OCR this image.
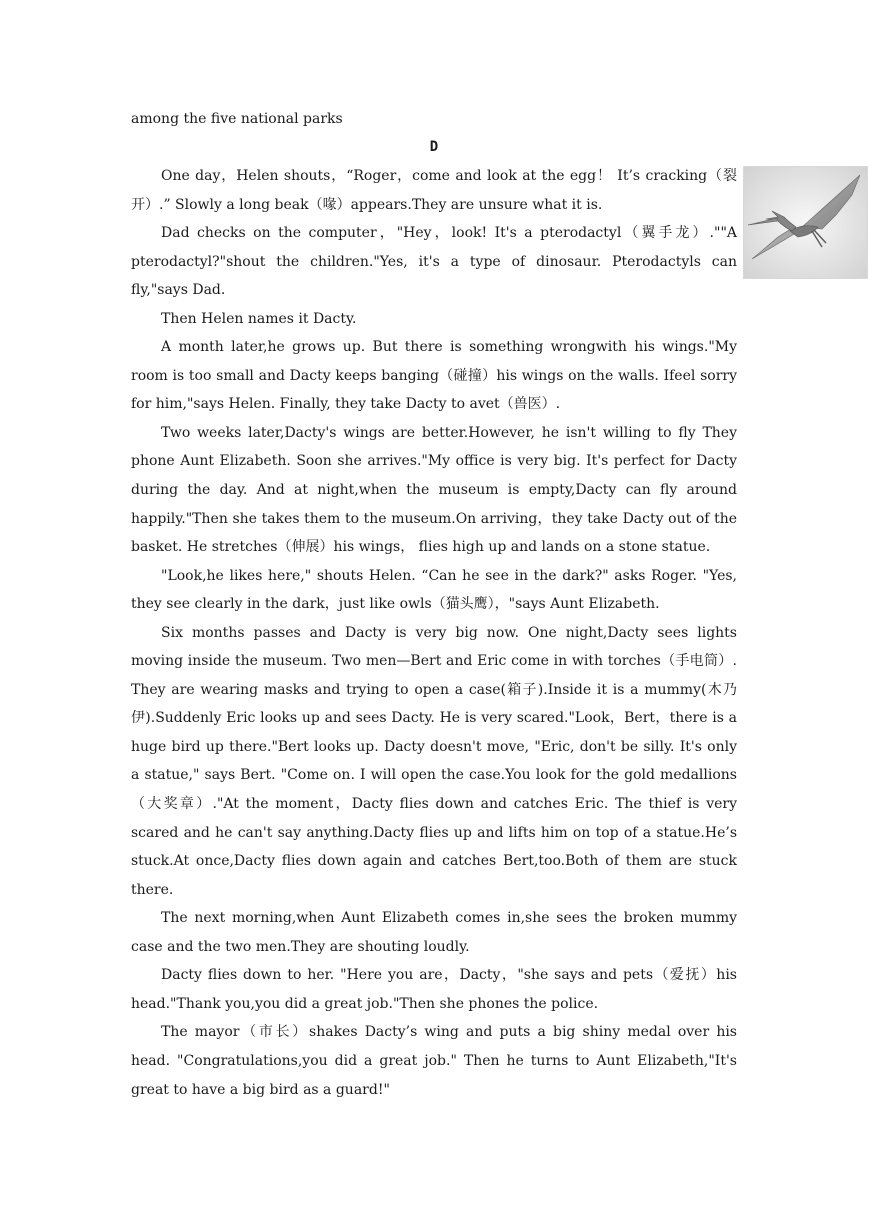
among the five national parks
D

One day，Helen shouts，“Roger，come and look at the egg！ It’s cracking（裂开）.” Slowly a long beak（喙）appears.They are unsure what it is.

Dad checks on the computer，"Hey，look! It's a pterodactyl（翼手龙）.""A pterodactyl?"shout the children."Yes, it's a type of dinosaur. Pterodactyls can fly,"says Dad.

Then Helen names it Dacty.

A month later,he grows up. But there is something wrongwith his wings."My room is too small and Dacty keeps banging（碰撞）his wings on the walls. Ifeel sorry for him,"says Helen. Finally, they take Dacty to avet（兽医）.

Two weeks later,Dacty's wings are better.However, he isn't willing to fly They phone Aunt Elizabeth. Soon she arrives."My office is very big. It's perfect for Dacty during the day. And at night,when the museum is empty,Dacty can fly around happily."Then she takes them to the museum.On arriving，they take Dacty out of the basket. He stretches（伸展）his wings， flies high up and lands on a stone statue.

"Look,he likes here," shouts Helen. “Can he see in the dark?" asks Roger. "Yes, they see clearly in the dark，just like owls（猫头鹰），"says Aunt Elizabeth.

Six months passes and Dacty is very big now. One night,Dacty sees lights moving inside the museum. Two men—Bert and Eric come in with torches（手电筒）. They are wearing masks and trying to open a case(箱子).Inside it is a mummy(木乃 伊).Suddenly Eric looks up and sees Dacty. He is very scared."Look，Bert，there is a huge bird up there."Bert looks up. Dacty doesn't move, "Eric, don't be silly. It's only a statue," says Bert. "Come on. I will open the case.You look for the gold medallions（大奖章）."At the moment，Dacty flies down and catches Eric. The thief is very scared and he can't say anything.Dacty flies up and lifts him on top of a statue.He’s stuck.At once,Dacty flies down again and catches Bert,too.Both of them are stuck there.

The next morning,when Aunt Elizabeth comes in,she sees the broken mummy case and the two men.They are shouting loudly.

Dacty flies down to her. "Here you are，Dacty，"she says and pets（爱抚）his head."Thank you,you did a great job."Then she phones the police.

The mayor（市长）shakes Dacty’s wing and puts a big shiny medal over his head. "Congratulations,you did a great job." Then he turns to Aunt Elizabeth,"It's great to have a big bird as a guard!"
